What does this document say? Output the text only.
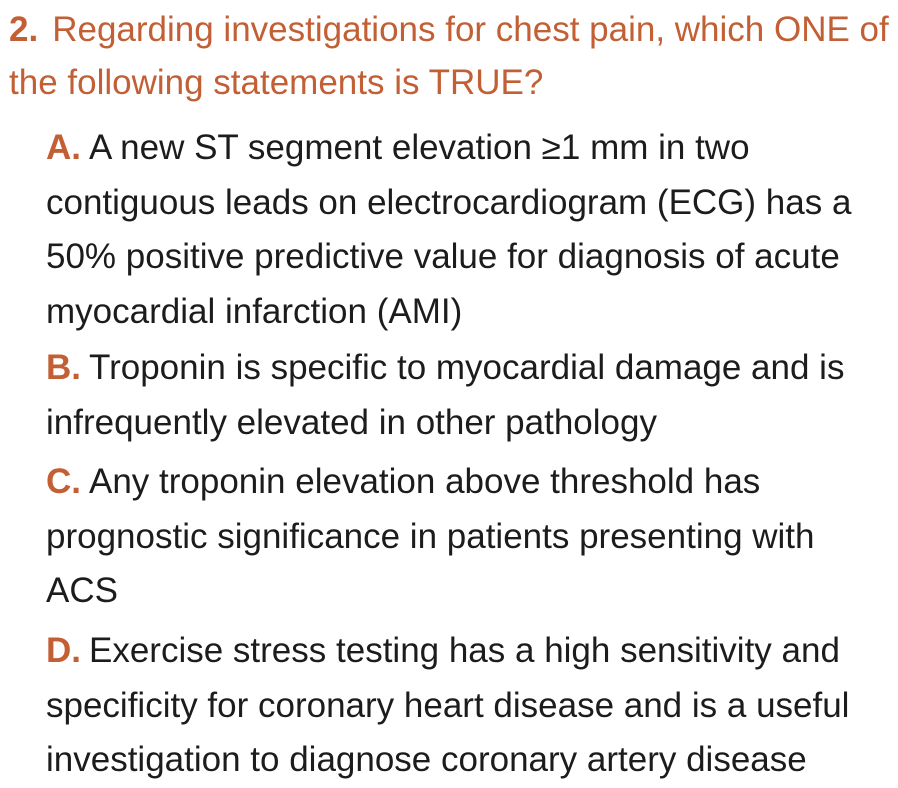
2. Regarding investigations for chest pain, which ONE of the following statements is TRUE?
A. A new ST segment elevation ≥1 mm in two contiguous leads on electrocardiogram (ECG) has a 50% positive predictive value for diagnosis of acute myocardial infarction (AMI)
B. Troponin is specific to myocardial damage and is infrequently elevated in other pathology
C. Any troponin elevation above threshold has prognostic significance in patients presenting with ACS
D. Exercise stress testing has a high sensitivity and specificity for coronary heart disease and is a useful investigation to diagnose coronary artery disease
